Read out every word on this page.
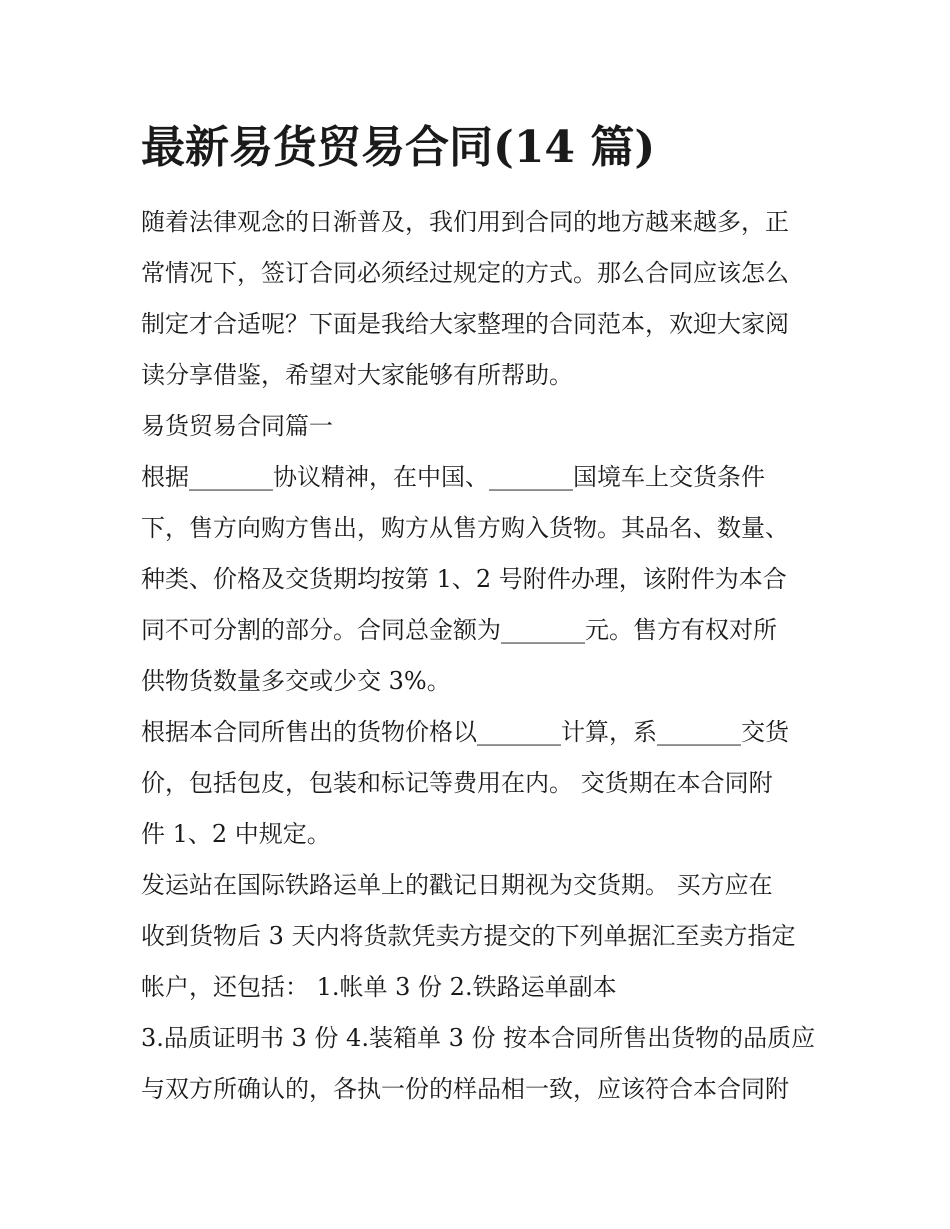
最新易货贸易合同(14 篇)
随着法律观念的日渐普及，我们用到合同的地方越来越多，正
常情况下，签订合同必须经过规定的方式。那么合同应该怎么
制定才合适呢？下面是我给大家整理的合同范本，欢迎大家阅
读分享借鉴，希望对大家能够有所帮助。
易货贸易合同篇一
根据_______协议精神，在中国、_______国境车上交货条件
下，售方向购方售出，购方从售方购入货物。其品名、数量、
种类、价格及交货期均按第 1、2 号附件办理，该附件为本合
同不可分割的部分。合同总金额为_______元。售方有权对所
供物货数量多交或少交 3%。
根据本合同所售出的货物价格以_______计算，系_______交货
价，包括包皮，包装和标记等费用在内。 交货期在本合同附
件 1、2 中规定。
发运站在国际铁路运单上的戳记日期视为交货期。 买方应在
收到货物后 3 天内将货款凭卖方提交的下列单据汇至卖方指定
帐户，还包括： 1.帐单 3 份 2.铁路运单副本
3.品质证明书 3 份 4.装箱单 3 份 按本合同所售出货物的品质应
与双方所确认的，各执一份的样品相一致，应该符合本合同附
